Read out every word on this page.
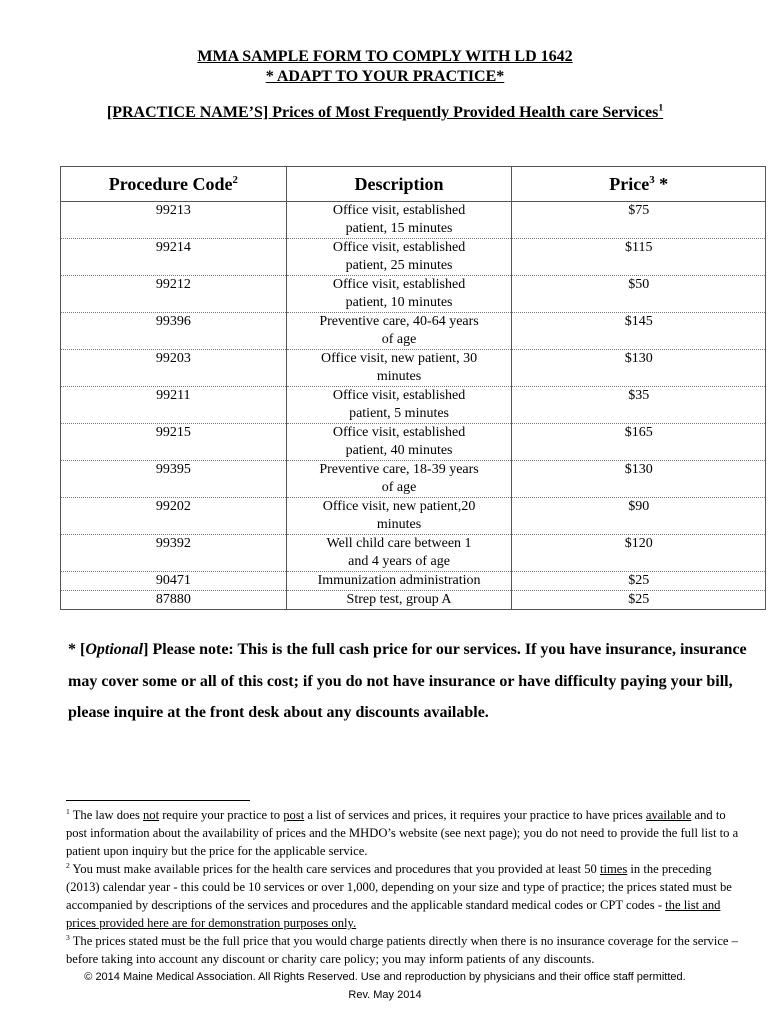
MMA SAMPLE FORM TO COMPLY WITH LD 1642
* ADAPT TO YOUR PRACTICE*
[PRACTICE NAME’S] Prices of Most Frequently Provided Health care Services$^1$
Procedure Code$^2$	Description	Price$^3$ *
99213	Office visit, established patient, 15 minutes	$75
99214	Office visit, established patient, 25 minutes	$115
99212	Office visit, established patient, 10 minutes	$50
99396	Preventive care, 40-64 years of age	$145
99203	Office visit, new patient, 30 minutes	$130
99211	Office visit, established patient, 5 minutes	$35
99215	Office visit, established patient, 40 minutes	$165
99395	Preventive care, 18-39 years of age	$130
99202	Office visit, new patient,20 minutes	$90
99392	Well child care between 1 and 4 years of age	$120
90471	Immunization administration	$25
87880	Strep test, group A	$25
* [Optional] Please note: This is the full cash price for our services. If you have insurance, insurance may cover some or all of this cost; if you do not have insurance or have difficulty paying your bill, please inquire at the front desk about any discounts available.

$^1$ The law does not require your practice to post a list of services and prices, it requires your practice to have prices available and to post information about the availability of prices and the MHDO’s website (see next page); you do not need to provide the full list to a patient upon inquiry but the price for the applicable service.

$^2$ You must make available prices for the health care services and procedures that you provided at least 50 times in the preceding (2013) calendar year - this could be 10 services or over 1,000, depending on your size and type of practice; the prices stated must be accompanied by descriptions of the services and procedures and the applicable standard medical codes or CPT codes - the list and prices provided here are for demonstration purposes only.

$^3$ The prices stated must be the full price that you would charge patients directly when there is no insurance coverage for the service – before taking into account any discount or charity care policy; you may inform patients of any discounts.

© 2014 Maine Medical Association. All Rights Reserved. Use and reproduction by physicians and their office staff permitted.
Rev. May 2014
